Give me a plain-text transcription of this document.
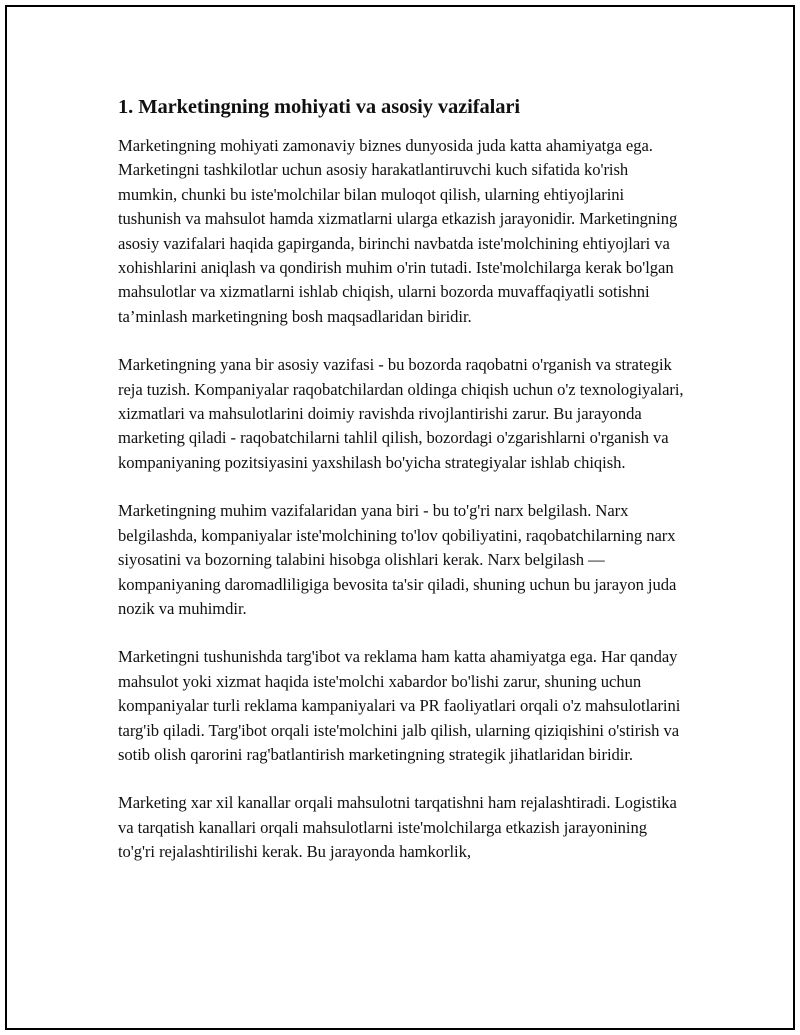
1. Marketingning mohiyati va asosiy vazifalari

Marketingning mohiyati zamonaviy biznes dunyosida juda katta ahamiyatga ega. Marketingni tashkilotlar uchun asosiy harakatlantiruvchi kuch sifatida ko'rish mumkin, chunki bu iste'molchilar bilan muloqot qilish, ularning ehtiyojlarini tushunish va mahsulot hamda xizmatlarni ularga etkazish jarayonidir. Marketingning asosiy vazifalari haqida gapirganda, birinchi navbatda iste'molchining ehtiyojlari va xohishlarini aniqlash va qondirish muhim o'rin tutadi. Iste'molchilarga kerak bo'lgan mahsulotlar va xizmatlarni ishlab chiqish, ularni bozorda muvaffaqiyatli sotishni ta’minlash marketingning bosh maqsadlaridan biridir.

Marketingning yana bir asosiy vazifasi - bu bozorda raqobatni o'rganish va strategik reja tuzish. Kompaniyalar raqobatchilardan oldinga chiqish uchun o'z texnologiyalari, xizmatlari va mahsulotlarini doimiy ravishda rivojlantirishi zarur. Bu jarayonda marketing qiladi - raqobatchilarni tahlil qilish, bozordagi o'zgarishlarni o'rganish va kompaniyaning pozitsiyasini yaxshilash bo'yicha strategiyalar ishlab chiqish.

Marketingning muhim vazifalaridan yana biri - bu to'g'ri narx belgilash. Narx belgilashda, kompaniyalar iste'molchining to'lov qobiliyatini, raqobatchilarning narx siyosatini va bozorning talabini hisobga olishlari kerak. Narx belgilash — kompaniyaning daromadliligiga bevosita ta'sir qiladi, shuning uchun bu jarayon juda nozik va muhimdir.

Marketingni tushunishda targ'ibot va reklama ham katta ahamiyatga ega. Har qanday mahsulot yoki xizmat haqida iste'molchi xabardor bo'lishi zarur, shuning uchun kompaniyalar turli reklama kampaniyalari va PR faoliyatlari orqali o'z mahsulotlarini targ'ib qiladi. Targ'ibot orqali iste'molchini jalb qilish, ularning qiziqishini o'stirish va sotib olish qarorini rag'batlantirish marketingning strategik jihatlaridan biridir.

Marketing xar xil kanallar orqali mahsulotni tarqatishni ham rejalashtiradi. Logistika va tarqatish kanallari orqali mahsulotlarni iste'molchilarga etkazish jarayonining to'g'ri rejalashtirilishi kerak. Bu jarayonda hamkorlik,
